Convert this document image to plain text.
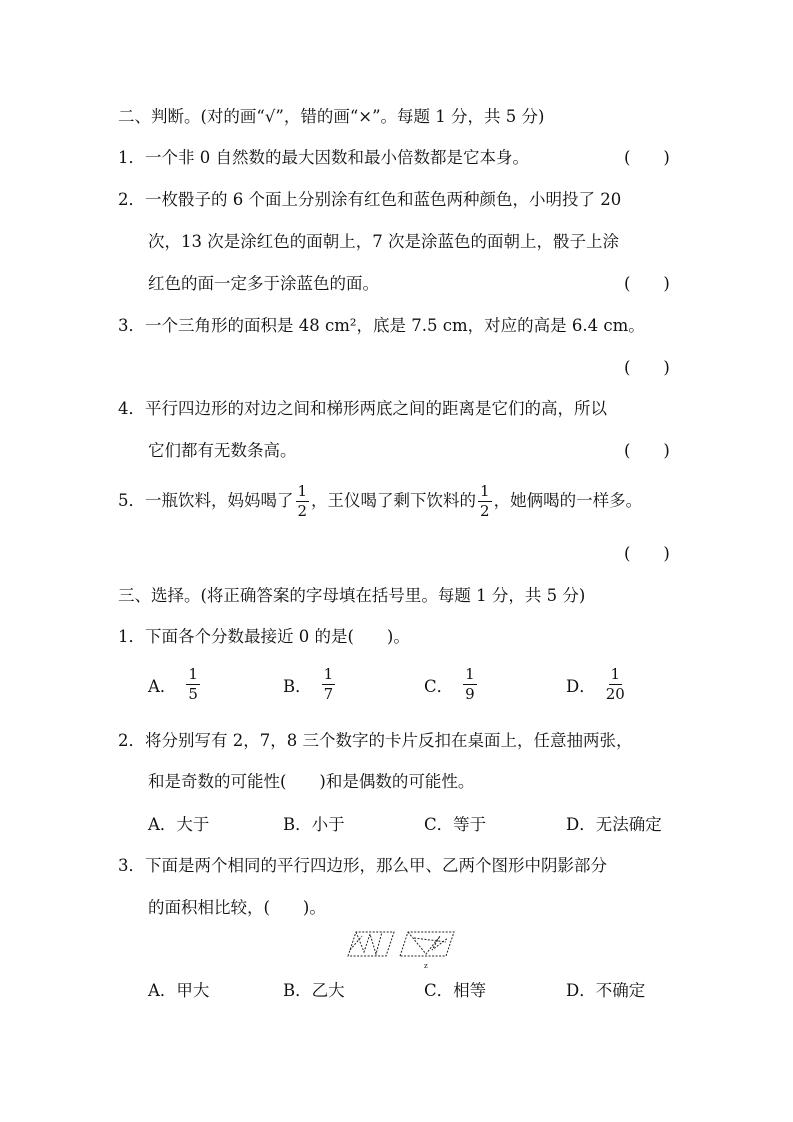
二、判断。(对的画“√”，错的画“×”。每题 1 分，共 5 分)
1．一个非 0 自然数的最大因数和最小倍数都是它本身。	(　　)
2．一枚骰子的 6 个面上分别涂有红色和蓝色两种颜色，小明投了 20
次，13 次是涂红色的面朝上，7 次是涂蓝色的面朝上，骰子上涂
红色的面一定多于涂蓝色的面。	(　　)
3．一个三角形的面积是 48 cm²，底是 7.5 cm，对应的高是 6.4 cm。
(　　)
4．平行四边形的对边之间和梯形两底之间的距离是它们的高，所以
它们都有无数条高。	(　　)
5．一瓶饮料，妈妈喝了 $\frac{1}{2}$ ，王仪喝了剩下饮料的 $\frac{1}{2}$ ，她俩喝的一样多。
(　　)
三、选择。(将正确答案的字母填在括号里。每题 1 分，共 5 分)
1．下面各个分数最接近 0 的是(　　)。
A． $\frac{1}{5}$	B． $\frac{1}{7}$	C． $\frac{1}{9}$	D． $\frac{1}{20}$
2．将分别写有 2，7，8 三个数字的卡片反扣在桌面上，任意抽两张，
和是奇数的可能性(　　)和是偶数的可能性。
A．大于	B．小于	C．等于	D．无法确定
3．下面是两个相同的平行四边形，那么甲、乙两个图形中阴影部分
的面积相比较，(　　)。
z
A．甲大	B．乙大	C．相等	D．不确定
